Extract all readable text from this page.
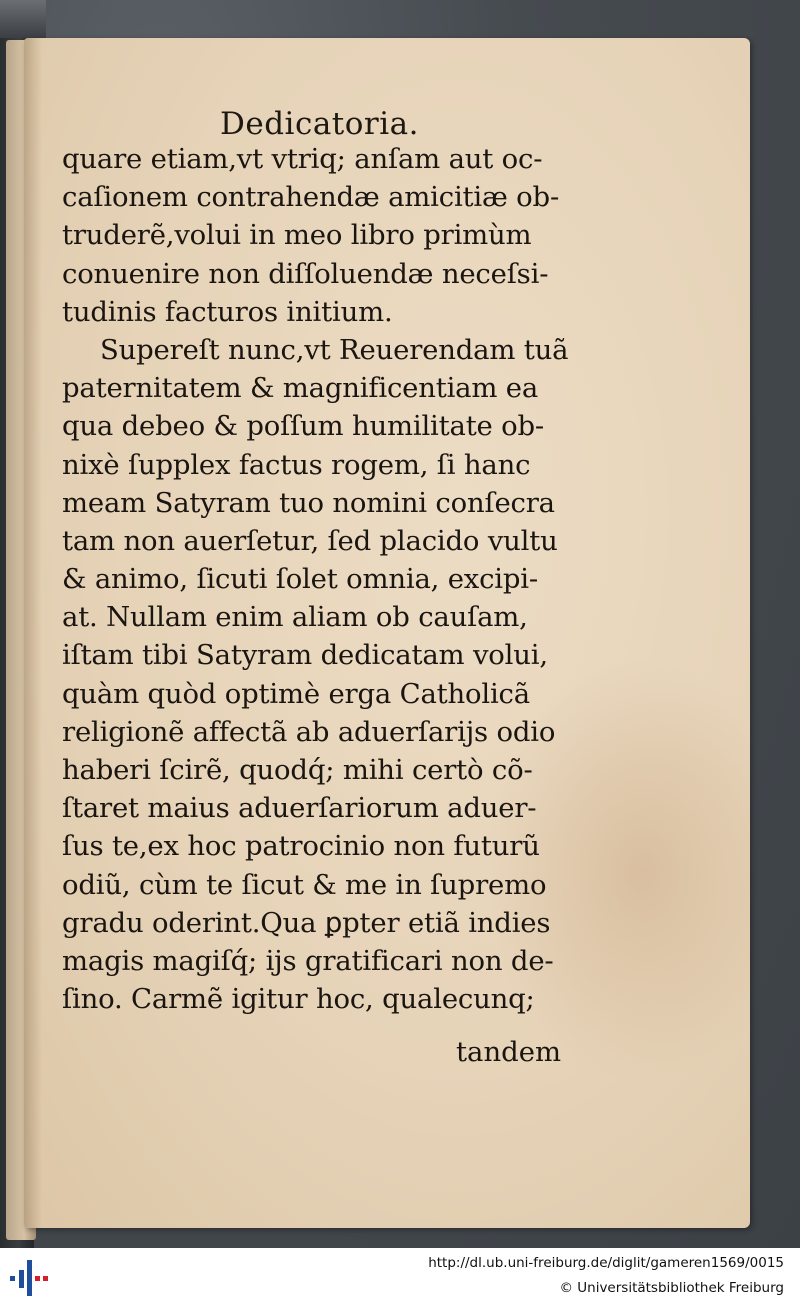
Dedicatoria.
quare etiam,vt vtriq; anſam aut oc-
caſionem contrahendæ amicitiæ ob-
truderẽ,volui in meo libro primùm
conuenire non diſſoluendæ neceſsi-
tudinis facturos initium.
Supereſt nunc,vt Reuerendam tuã
paternitatem & magnificentiam ea
qua debeo & poſſum humilitate ob-
nixè ſupplex factus rogem, ſi hanc
meam Satyram tuo nomini conſecra
tam non auerſetur, ſed placido vultu
& animo, ſicuti ſolet omnia, excipi-
at. Nullam enim aliam ob cauſam,
iſtam tibi Satyram dedicatam volui,
quàm quòd optimè erga Catholicã
religionẽ affectã ab aduerſarijs odio
haberi ſcirẽ, quodq́; mihi certò cõ-
ſtaret maius aduerſariorum aduer-
ſus te,ex hoc patrocinio non futurũ
odiũ, cùm te ſicut & me in ſupremo
gradu oderint.Qua ꝑpter etiã indies
magis magiſq́; ijs gratificari non de-
ſino. Carmẽ igitur hoc, qualecunq;
tandem
http://dl.ub.uni-freiburg.de/diglit/gameren1569/0015
© Universitätsbibliothek Freiburg
